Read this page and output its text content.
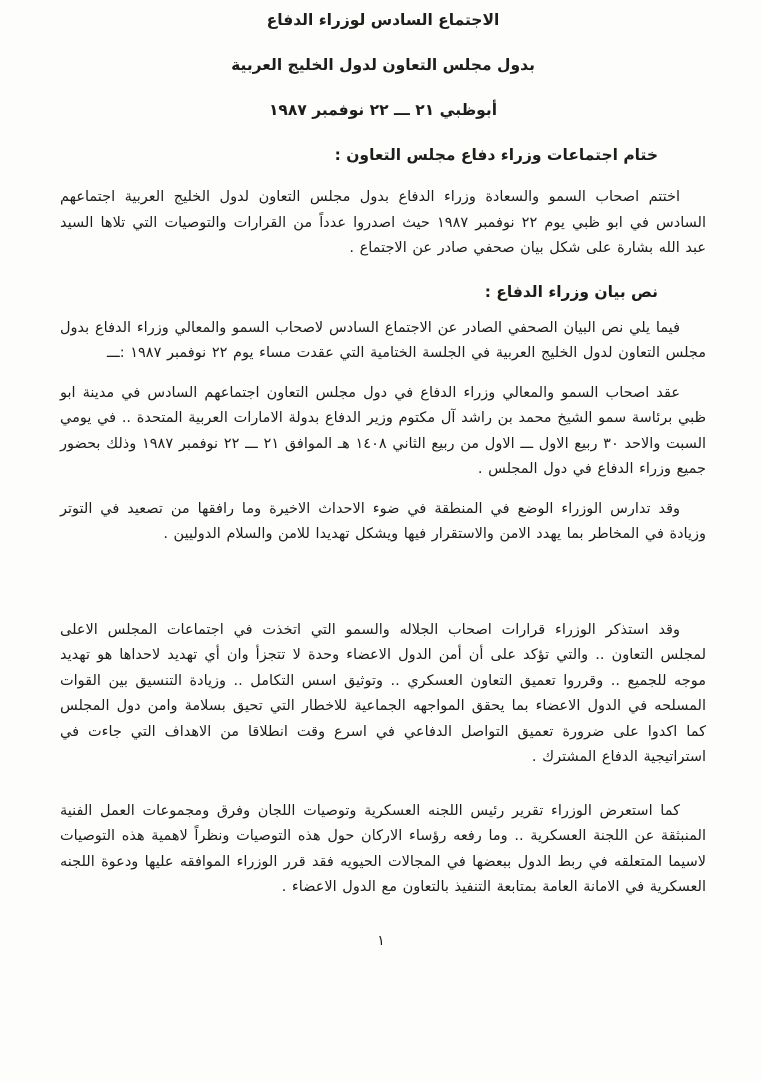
الاجتماع السادس لوزراء الدفاع
بدول مجلس التعاون لدول الخليج العربية
أبوظبي ٢١ ـــ ٢٢ نوفمبر ١٩٨٧
ختام اجتماعات وزراء دفاع مجلس التعاون :

اختتم اصحاب السمو والسعادة وزراء الدفاع بدول مجلس التعاون لدول الخليج العربية اجتماعهم السادس في ابو ظبي يوم ٢٢ نوفمبر ١٩٨٧ حيث اصدروا عدداً من القرارات والتوصيات التي تلاها السيد عبد الله بشارة على شكل بيان صحفي صادر عن الاجتماع .

نص بيان وزراء الدفاع :

فيما يلي نص البيان الصحفي الصادر عن الاجتماع السادس لاصحاب السمو والمعالي وزراء الدفاع بدول مجلس التعاون لدول الخليج العربية في الجلسة الختامية التي عقدت مساء يوم ٢٢ نوفمبر ١٩٨٧ :ـــ

عقد اصحاب السمو والمعالي وزراء الدفاع في دول مجلس التعاون اجتماعهم السادس في مدينة ابو ظبي برئاسة سمو الشيخ محمد بن راشد آل مكتوم وزير الدفاع بدولة الامارات العربية المتحدة .. في يومي السبت والاحد ٣٠ ربيع الاول ـــ الاول من ربيع الثاني ١٤٠٨ هـ الموافق ٢١ ـــ ٢٢ نوفمبر ١٩٨٧ وذلك بحضور جميع وزراء الدفاع في دول المجلس .

وقد تدارس الوزراء الوضع في المنطقة في ضوء الاحداث الاخيرة وما رافقها من تصعيد في التوتر وزيادة في المخاطر بما يهدد الامن والاستقرار فيها ويشكل تهديدا للامن والسلام الدوليين .

وقد استذكر الوزراء قرارات اصحاب الجلاله والسمو التي اتخذت في اجتماعات المجلس الاعلى لمجلس التعاون .. والتي تؤكد على أن أمن الدول الاعضاء وحدة لا تتجزأ وان أي تهديد لاحداها هو تهديد موجه للجميع .. وقرروا تعميق التعاون العسكري .. وتوثيق اسس التكامل .. وزيادة التنسيق بين القوات المسلحه في الدول الاعضاء بما يحقق المواجهه الجماعية للاخطار التي تحيق بسلامة وامن دول المجلس كما اكدوا على ضرورة تعميق التواصل الدفاعي في اسرع وقت انطلاقا من الاهداف التي جاءت في استراتيجية الدفاع المشترك .

كما استعرض الوزراء تقرير رئيس اللجنه العسكرية وتوصيات اللجان وفرق ومجموعات العمل الفنية المنبثقة عن اللجنة العسكرية .. وما رفعه رؤساء الاركان حول هذه التوصيات ونظراً لاهمية هذه التوصيات لاسيما المتعلقه في ربط الدول ببعضها في المجالات الحيويه فقد قرر الوزراء الموافقه عليها ودعوة اللجنه العسكرية في الامانة العامة بمتابعة التنفيذ بالتعاون مع الدول الاعضاء .

١
